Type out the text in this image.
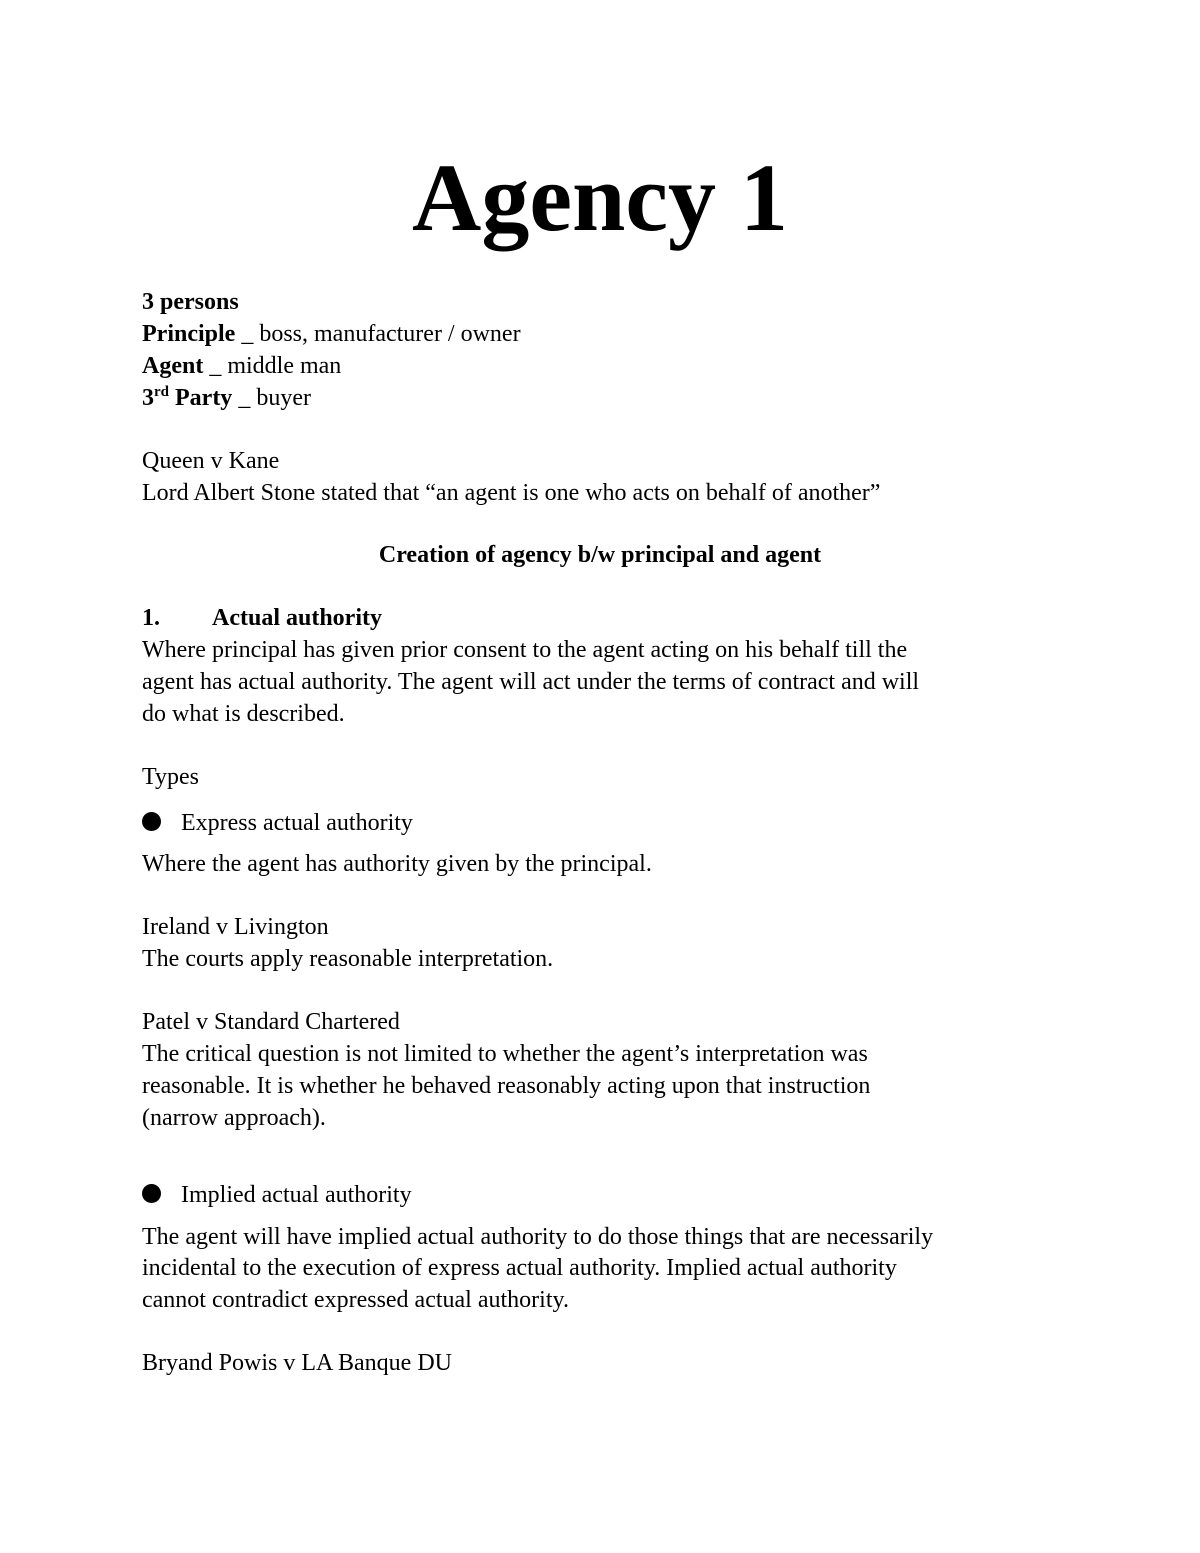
Agency 1
3 persons
Principle _ boss, manufacturer / owner
Agent _ middle man
3rd Party _ buyer
Queen v Kane
Lord Albert Stone stated that “an agent is one who acts on behalf of another”
Creation of agency b/w principal and agent
1. Actual authority
Where principal has given prior consent to the agent acting on his behalf till the
agent has actual authority. The agent will act under the terms of contract and will
do what is described.
Types
Express actual authority
Where the agent has authority given by the principal.
Ireland v Livington
The courts apply reasonable interpretation.
Patel v Standard Chartered
The critical question is not limited to whether the agent’s interpretation was
reasonable. It is whether he behaved reasonably acting upon that instruction
(narrow approach).
Implied actual authority
The agent will have implied actual authority to do those things that are necessarily
incidental to the execution of express actual authority. Implied actual authority
cannot contradict expressed actual authority.
Bryand Powis v LA Banque DU
